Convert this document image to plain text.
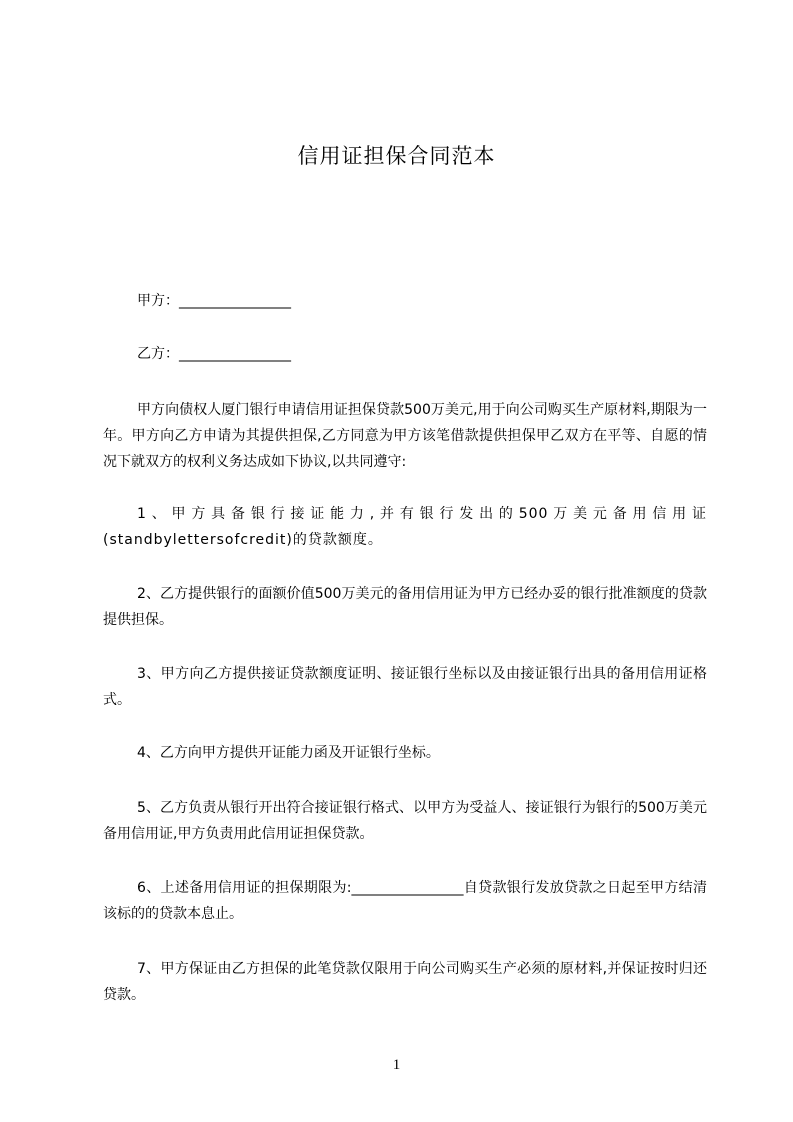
信用证担保合同范本
甲方：________________
乙方：________________
甲方向债权人厦门银行申请信用证担保贷款500万美元,用于向公司购买生产原材料,期限为一年。甲方向乙方申请为其提供担保,乙方同意为甲方该笔借款提供担保甲乙双方在平等、自愿的情况下就双方的权利义务达成如下协议,以共同遵守:
1、甲方具备银行接证能力,并有银行发出的500万美元备用信用证(standbylettersofcredit)的贷款额度。
2、乙方提供银行的面额价值500万美元的备用信用证为甲方已经办妥的银行批准额度的贷款提供担保。
3、甲方向乙方提供接证贷款额度证明、接证银行坐标以及由接证银行出具的备用信用证格式。
4、乙方向甲方提供开证能力函及开证银行坐标。
5、乙方负责从银行开出符合接证银行格式、以甲方为受益人、接证银行为银行的500万美元备用信用证,甲方负责用此信用证担保贷款。
6、上述备用信用证的担保期限为:________________自贷款银行发放贷款之日起至甲方结清该标的的贷款本息止。
7、甲方保证由乙方担保的此笔贷款仅限用于向公司购买生产必须的原材料,并保证按时归还贷款。
1
